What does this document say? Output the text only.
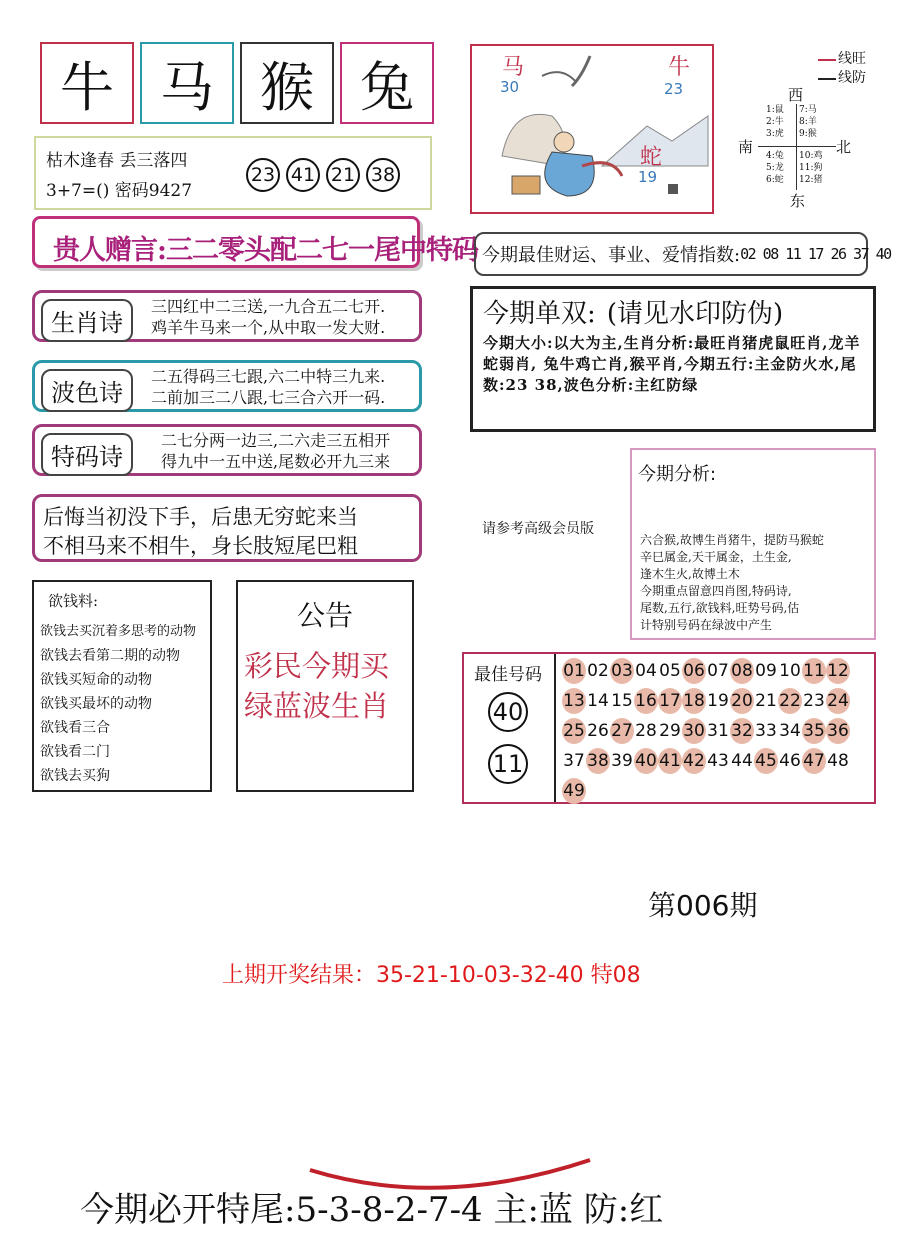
牛 马 猴 兔
枯木逢春 丢三落四
3+7=() 密码9427
23 41 21 38
贵人赠言:三二零头配二七一尾中特码
生肖诗
三四红中二三送,一九合五二七开.
鸡羊牛马来一个,从中取一发大财.
波色诗
二五得码三七跟,六二中特三九来.
二前加三二八跟,七三合六开一码.
特码诗
二七分两一边三,二六走三五相开
得九中一五中送,尾数必开九三来
后悔当初没下手，后患无穷蛇来当
不相马来不相牛，身长肢短尾巴粗
欲钱料:
欲钱去买沉着多思考的动物
欲钱去看第二期的动物
欲钱买短命的动物
欲钱买最坏的动物
欲钱看三合
欲钱看二门
欲钱去买狗
公告
彩民今期买
绿蓝波生肖
马
30
牛
23
蛇
19
线旺
线防
西
南	北
东
1:鼠
2:牛
3:虎
7:马
8:羊
9:猴
4:兔
5:龙
6:蛇
10:鸡
11:狗
12:猪
今期最佳财运、事业、爱情指数: 02 08 11 17 26 37 40
今期单双: (请见水印防伪)
今期大小:以大为主,生肖分析:最旺肖猪虎鼠旺肖,龙羊蛇弱肖, 兔牛鸡亡肖,猴平肖,今期五行:主金防火水,尾数:23 38,波色分析:主红防绿
请参考高级会员版
今期分析:
六合猴,故博生肖猪牛，提防马猴蛇
辛巳属金,天干属金，土生金,
逢木生火,故博土木
今期重点留意四肖图,特码诗,
尾数,五行,欲钱料,旺势号码,估
计特别号码在绿波中产生
最佳号码
40
11
01 02 03 04 05 06 07 08 09 10 11 12
13 14 15 16 17 18 19 20 21 22 23 24
25 26 27 28 29 30 31 32 33 34 35 36
37 38 39 40 41 42 43 44 45 46 47 48
49
第006期
上期开奖结果：35-21-10-03-32-40 特08
今期必开特尾:5-3-8-2-7-4 主:蓝 防:红
